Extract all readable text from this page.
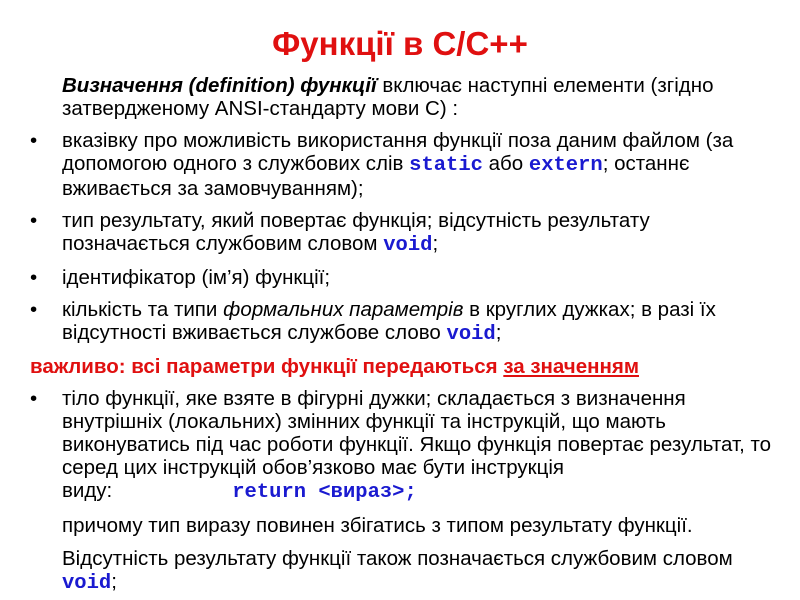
Функції в С/С++

Визначення (definition) функції включає наступні елементи (згідно затвердженому ANSI-стандарту мови С) :

•	вказівку про можливість використання функції поза даним файлом (за допомогою одного з службових слів static або extern; останнє вживається за замовчуванням);
•	тип результату, який повертає функція; відсутність результату позначається службовим словом void;
•	ідентифікатор (ім’я) функції;
•	кількість та типи формальних параметрів в круглих дужках; в разі їх відсутності вживається службове слово void;
важливо: всі параметри функції передаються за значенням
•	тіло функції, яке взяте в фігурні дужки; складається з визначення внутрішніх (локальних) змінних функції та інструкцій, що мають виконуватись під час роботи функції. Якщо функція повертає результат, то серед цих інструкцій обов’язково має бути інструкція виду:	return <вираз>;

причому тип виразу повинен збігатись з типом результату функції.

Відсутність результату функції також позначається службовим словом void;
